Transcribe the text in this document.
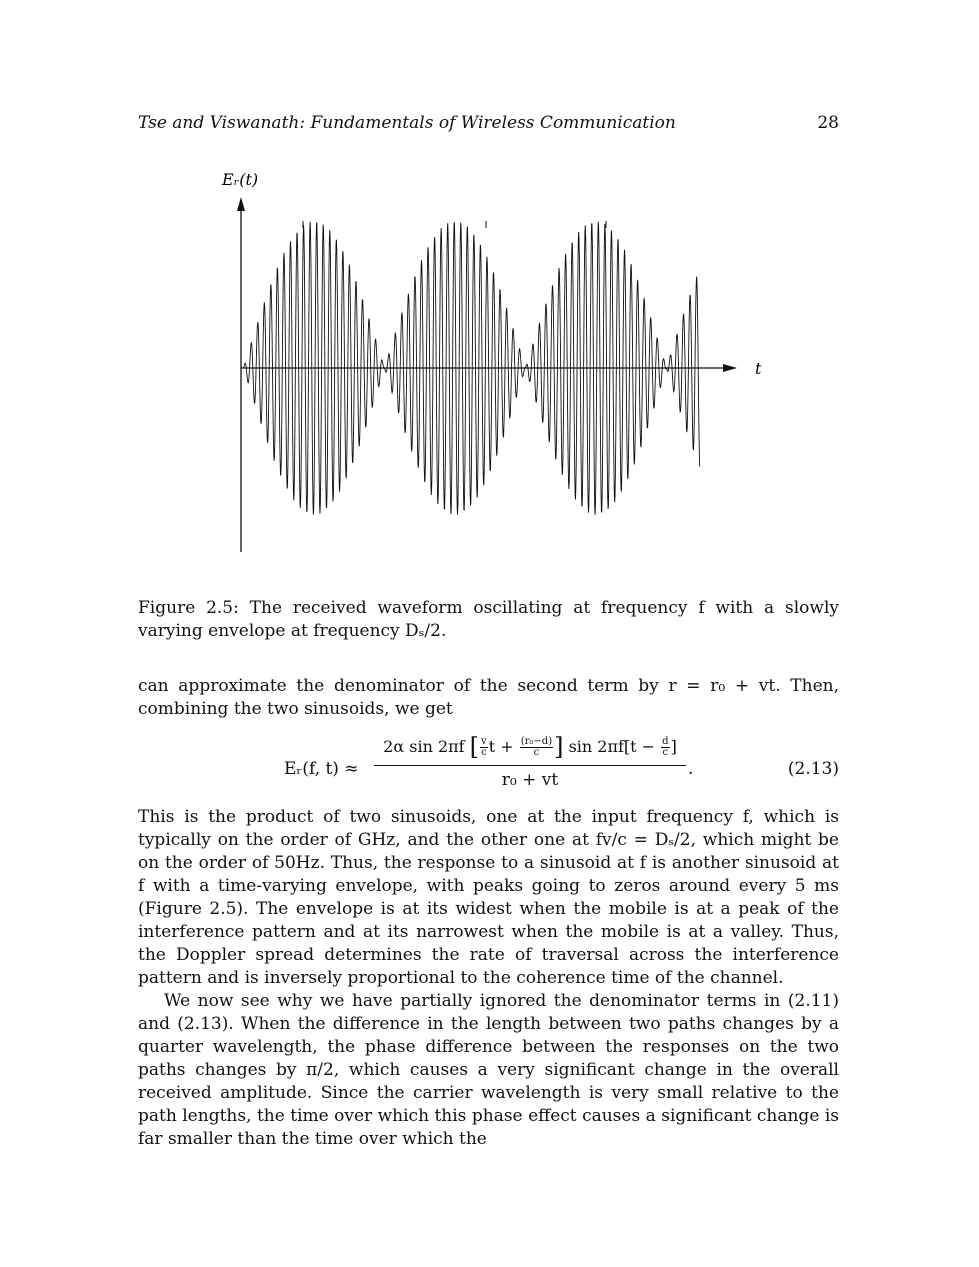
Tse and Viswanath: Fundamentals of Wireless Communication	28
Eᵣ(t)
t
Figure 2.5: The received waveform oscillating at frequency f with a slowly varying envelope at frequency Dₛ/2.
can approximate the denominator of the second term by r = r₀ + vt. Then, combining the two sinusoids, we get
Eᵣ(f, t) ≈
2α sin 2πf [ $\frac{v}{c}$ $t + \frac{\text{(r₀−d)}}{c}$ ] $\sin 2\pi f[t - \frac{d}{c}$ ]
r₀ + vt
.	(2.13)
This is the product of two sinusoids, one at the input frequency f, which is typically on the order of GHz, and the other one at fv/c = Dₛ/2, which might be on the order of 50Hz. Thus, the response to a sinusoid at f is another sinusoid at f with a time-varying envelope, with peaks going to zeros around every 5 ms (Figure 2.5). The envelope is at its widest when the mobile is at a peak of the interference pattern and at its narrowest when the mobile is at a valley. Thus, the Doppler spread determines the rate of traversal across the interference pattern and is inversely proportional to the coherence time of the channel.
We now see why we have partially ignored the denominator terms in (2.11) and (2.13). When the difference in the length between two paths changes by a quarter wavelength, the phase difference between the responses on the two paths changes by π/2, which causes a very significant change in the overall received amplitude. Since the carrier wavelength is very small relative to the path lengths, the time over which this phase effect causes a significant change is far smaller than the time over which the
